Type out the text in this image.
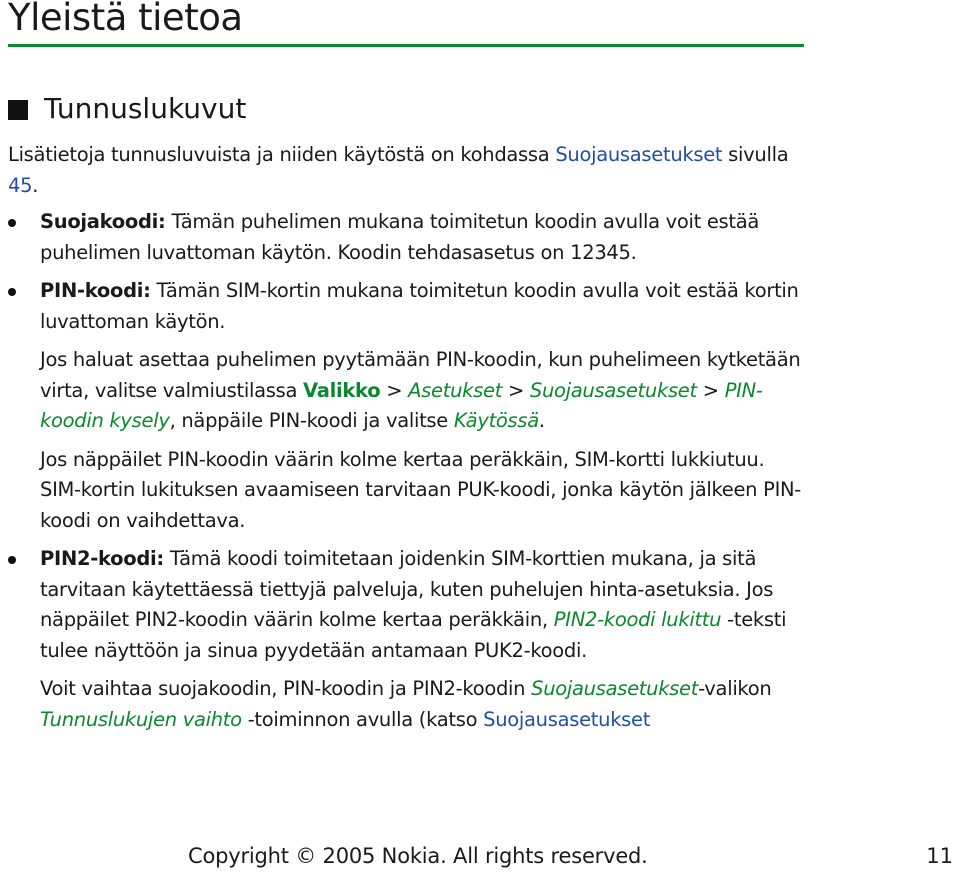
Yleistä tietoa
Tunnuslukuvut

Lisätietoja tunnusluvuista ja niiden käytöstä on kohdassa Suojausasetukset sivulla 45.

Suojakoodi: Tämän puhelimen mukana toimitetun koodin avulla voit estää puhelimen luvattoman käytön. Koodin tehdasasetus on 12345.

PIN-koodi: Tämän SIM-kortin mukana toimitetun koodin avulla voit estää kortin luvattoman käytön.

Jos haluat asettaa puhelimen pyytämään PIN-koodin, kun puhelimeen kytketään virta, valitse valmiustilassa Valikko > Asetukset > Suojausasetukset > PIN-koodin kysely, näppäile PIN-koodi ja valitse Käytössä.

Jos näppäilet PIN-koodin väärin kolme kertaa peräkkäin, SIM-kortti lukkiutuu. SIM-kortin lukituksen avaamiseen tarvitaan PUK-koodi, jonka käytön jälkeen PIN-koodi on vaihdettava.

PIN2-koodi: Tämä koodi toimitetaan joidenkin SIM-korttien mukana, ja sitä tarvitaan käytettäessä tiettyjä palveluja, kuten puhelujen hinta-asetuksia. Jos näppäilet PIN2-koodin väärin kolme kertaa peräkkäin, PIN2-koodi lukittu -teksti tulee näyttöön ja sinua pyydetään antamaan PUK2-koodi.

Voit vaihtaa suojakoodin, PIN-koodin ja PIN2-koodin Suojausasetukset-valikon Tunnuslukujen vaihto -toiminnon avulla (katso Suojausasetukset

Copyright © 2005 Nokia. All rights reserved.	11
